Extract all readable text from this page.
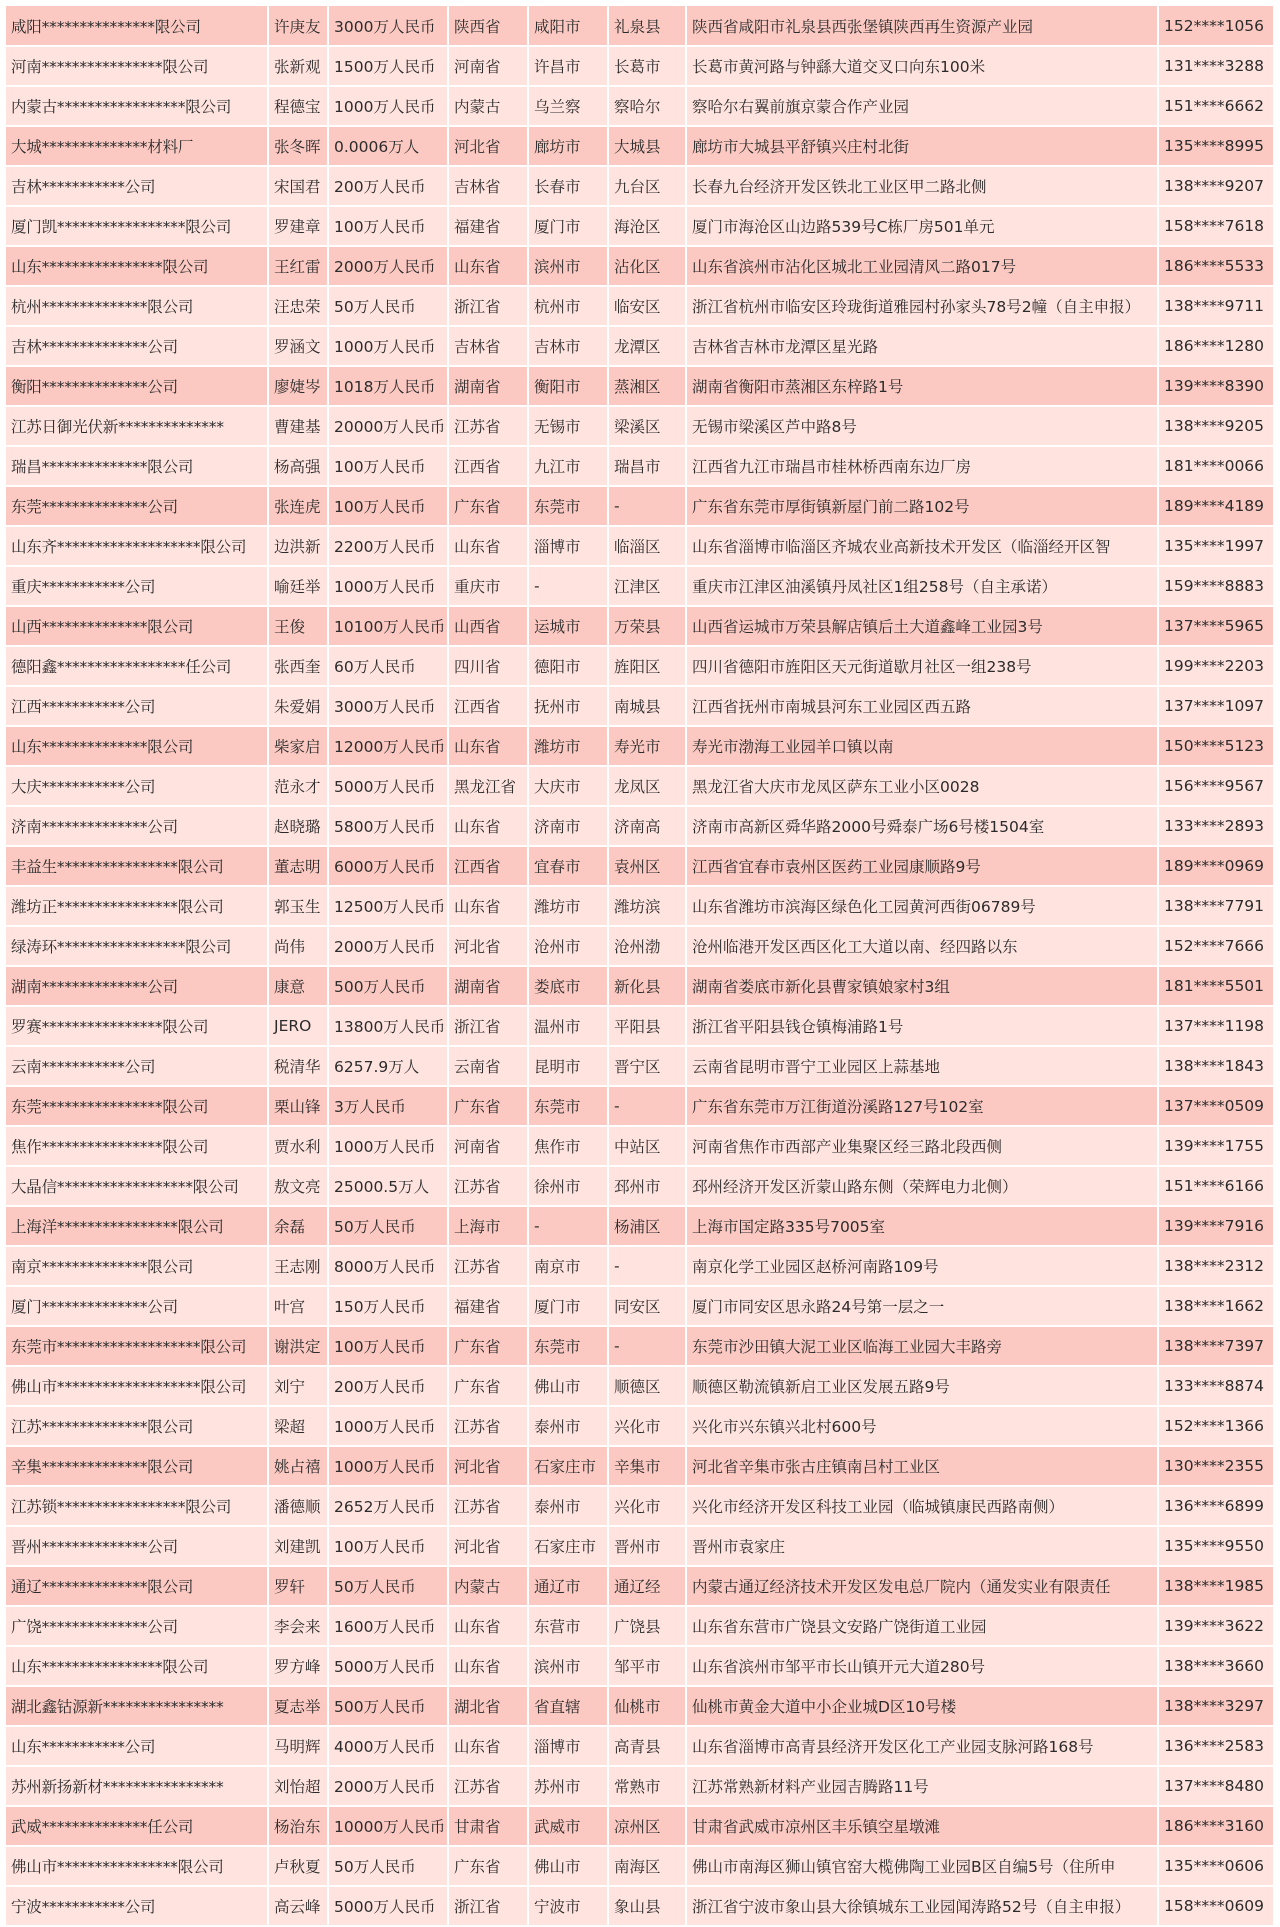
咸阳***************限公司	许庚友	3000万人民币	陕西省	咸阳市	礼泉县	陕西省咸阳市礼泉县西张堡镇陕西再生资源产业园	152****1056
河南****************限公司	张新观	1500万人民币	河南省	许昌市	长葛市	长葛市黄河路与钟繇大道交叉口向东100米	131****3288
内蒙古*****************限公司	程德宝	1000万人民币	内蒙古	乌兰察	察哈尔	察哈尔右翼前旗京蒙合作产业园	151****6662
大城**************材料厂	张冬晖	0.0006万人	河北省	廊坊市	大城县	廊坊市大城县平舒镇兴庄村北街	135****8995
吉林***********公司	宋国君	200万人民币	吉林省	长春市	九台区	长春九台经济开发区铁北工业区甲二路北侧	138****9207
厦门凯*****************限公司	罗建章	100万人民币	福建省	厦门市	海沧区	厦门市海沧区山边路539号C栋厂房501单元	158****7618
山东****************限公司	王红雷	2000万人民币	山东省	滨州市	沾化区	山东省滨州市沾化区城北工业园清风二路017号	186****5533
杭州**************限公司	汪忠荣	50万人民币	浙江省	杭州市	临安区	浙江省杭州市临安区玲珑街道雅园村孙家头78号2幢（自主申报）	138****9711
吉林**************公司	罗涵文	1000万人民币	吉林省	吉林市	龙潭区	吉林省吉林市龙潭区星光路	186****1280
衡阳**************公司	廖婕岑	1018万人民币	湖南省	衡阳市	蒸湘区	湖南省衡阳市蒸湘区东梓路1号	139****8390
江苏日御光伏新**************	曹建基	20000万人民币	江苏省	无锡市	梁溪区	无锡市梁溪区芦中路8号	138****9205
瑞昌**************限公司	杨高强	100万人民币	江西省	九江市	瑞昌市	江西省九江市瑞昌市桂林桥西南东边厂房	181****0066
东莞**************公司	张连虎	100万人民币	广东省	东莞市	-	广东省东莞市厚街镇新屋门前二路102号	189****4189
山东齐*******************限公司	边洪新	2200万人民币	山东省	淄博市	临淄区	山东省淄博市临淄区齐城农业高新技术开发区（临淄经开区智	135****1997
重庆***********公司	喻廷举	1000万人民币	重庆市	-	江津区	重庆市江津区油溪镇丹凤社区1组258号（自主承诺）	159****8883
山西**************限公司	王俊	10100万人民币	山西省	运城市	万荣县	山西省运城市万荣县解店镇后土大道鑫峰工业园3号	137****5965
德阳鑫*****************任公司	张西奎	60万人民币	四川省	德阳市	旌阳区	四川省德阳市旌阳区天元街道歇月社区一组238号	199****2203
江西***********公司	朱爱娟	3000万人民币	江西省	抚州市	南城县	江西省抚州市南城县河东工业园区西五路	137****1097
山东**************限公司	柴家启	12000万人民币	山东省	潍坊市	寿光市	寿光市渤海工业园羊口镇以南	150****5123
大庆***********公司	范永才	5000万人民币	黑龙江省	大庆市	龙凤区	黑龙江省大庆市龙凤区萨东工业小区0028	156****9567
济南**************公司	赵晓璐	5800万人民币	山东省	济南市	济南高	济南市高新区舜华路2000号舜泰广场6号楼1504室	133****2893
丰益生****************限公司	董志明	6000万人民币	江西省	宜春市	袁州区	江西省宜春市袁州区医药工业园康顺路9号	189****0969
潍坊正****************限公司	郭玉生	12500万人民币	山东省	潍坊市	潍坊滨	山东省潍坊市滨海区绿色化工园黄河西街06789号	138****7791
绿涛环*****************限公司	尚伟	2000万人民币	河北省	沧州市	沧州渤	沧州临港开发区西区化工大道以南、经四路以东	152****7666
湖南**************公司	康意	500万人民币	湖南省	娄底市	新化县	湖南省娄底市新化县曹家镇娘家村3组	181****5501
罗赛****************限公司	JERO	13800万人民币	浙江省	温州市	平阳县	浙江省平阳县钱仓镇梅浦路1号	137****1198
云南***********公司	税清华	6257.9万人	云南省	昆明市	晋宁区	云南省昆明市晋宁工业园区上蒜基地	138****1843
东莞****************限公司	栗山锋	3万人民币	广东省	东莞市	-	广东省东莞市万江街道汾溪路127号102室	137****0509
焦作****************限公司	贾水利	1000万人民币	河南省	焦作市	中站区	河南省焦作市西部产业集聚区经三路北段西侧	139****1755
大晶信******************限公司	敖文亮	25000.5万人	江苏省	徐州市	邳州市	邳州经济开发区沂蒙山路东侧（荣辉电力北侧）	151****6166
上海洋****************限公司	余磊	50万人民币	上海市	-	杨浦区	上海市国定路335号7005室	139****7916
南京**************限公司	王志刚	8000万人民币	江苏省	南京市	-	南京化学工业园区赵桥河南路109号	138****2312
厦门**************公司	叶宫	150万人民币	福建省	厦门市	同安区	厦门市同安区思永路24号第一层之一	138****1662
东莞市*******************限公司	谢洪定	100万人民币	广东省	东莞市	-	东莞市沙田镇大泥工业区临海工业园大丰路旁	138****7397
佛山市*******************限公司	刘宁	200万人民币	广东省	佛山市	顺德区	顺德区勒流镇新启工业区发展五路9号	133****8874
江苏**************限公司	梁超	1000万人民币	江苏省	泰州市	兴化市	兴化市兴东镇兴北村600号	152****1366
辛集**************限公司	姚占禧	1000万人民币	河北省	石家庄市	辛集市	河北省辛集市张古庄镇南吕村工业区	130****2355
江苏锁*****************限公司	潘德顺	2652万人民币	江苏省	泰州市	兴化市	兴化市经济开发区科技工业园（临城镇康民西路南侧）	136****6899
晋州**************公司	刘建凯	100万人民币	河北省	石家庄市	晋州市	晋州市袁家庄	135****9550
通辽**************限公司	罗轩	50万人民币	内蒙古	通辽市	通辽经	内蒙古通辽经济技术开发区发电总厂院内（通发实业有限责任	138****1985
广饶**************公司	李会来	1600万人民币	山东省	东营市	广饶县	山东省东营市广饶县文安路广饶街道工业园	139****3622
山东****************限公司	罗方峰	5000万人民币	山东省	滨州市	邹平市	山东省滨州市邹平市长山镇开元大道280号	138****3660
湖北鑫钴源新****************	夏志举	500万人民币	湖北省	省直辖	仙桃市	仙桃市黄金大道中小企业城D区10号楼	138****3297
山东***********公司	马明辉	4000万人民币	山东省	淄博市	高青县	山东省淄博市高青县经济开发区化工产业园支脉河路168号	136****2583
苏州新扬新材****************	刘怡超	2000万人民币	江苏省	苏州市	常熟市	江苏常熟新材料产业园吉腾路11号	137****8480
武威**************任公司	杨治东	10000万人民币	甘肃省	武威市	凉州区	甘肃省武威市凉州区丰乐镇空星墩滩	186****3160
佛山市****************限公司	卢秋夏	50万人民币	广东省	佛山市	南海区	佛山市南海区狮山镇官窑大榄佛陶工业园B区自编5号（住所申	135****0606
宁波***********公司	高云峰	5000万人民币	浙江省	宁波市	象山县	浙江省宁波市象山县大徐镇城东工业园闻涛路52号（自主申报）	158****0609
